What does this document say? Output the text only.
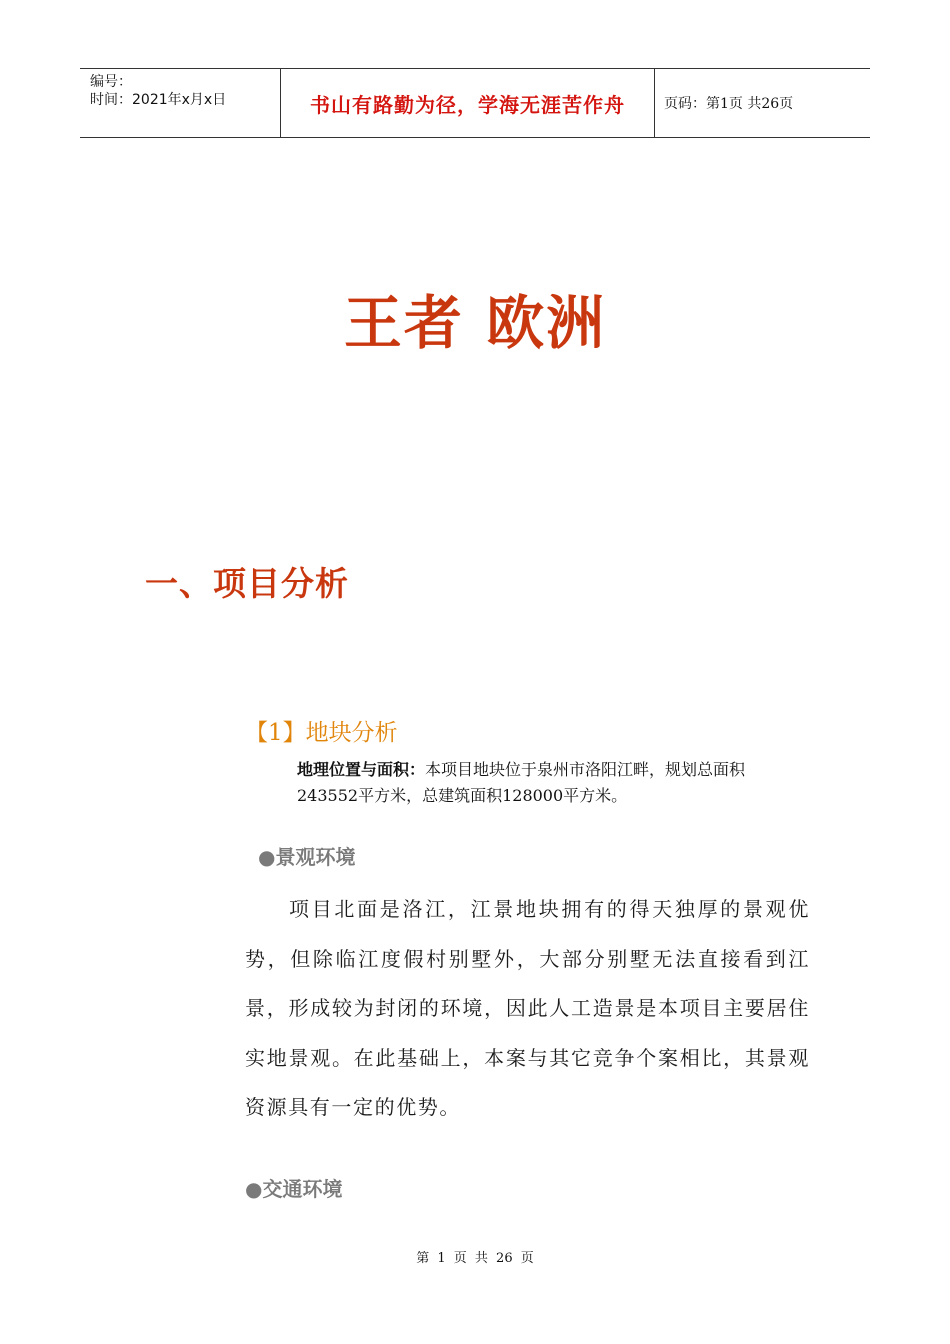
编号：
时间：2021年x月x日	书山有路勤为径，学海无涯苦作舟	页码：第1页 共26页
王者 欧洲
一、项目分析
【1】地块分析
地理位置与面积：本项目地块位于泉州市洛阳江畔，规划总面积 243552平方米，总建筑面积128000平方米。
●景观环境
项目北面是洛江，江景地块拥有的得天独厚的景观优势，但除临江度假村别墅外，大部分别墅无法直接看到江景，形成较为封闭的环境，因此人工造景是本项目主要居住实地景观。在此基础上，本案与其它竞争个案相比，其景观资源具有一定的优势。
●交通环境
第 1 页 共 26 页
